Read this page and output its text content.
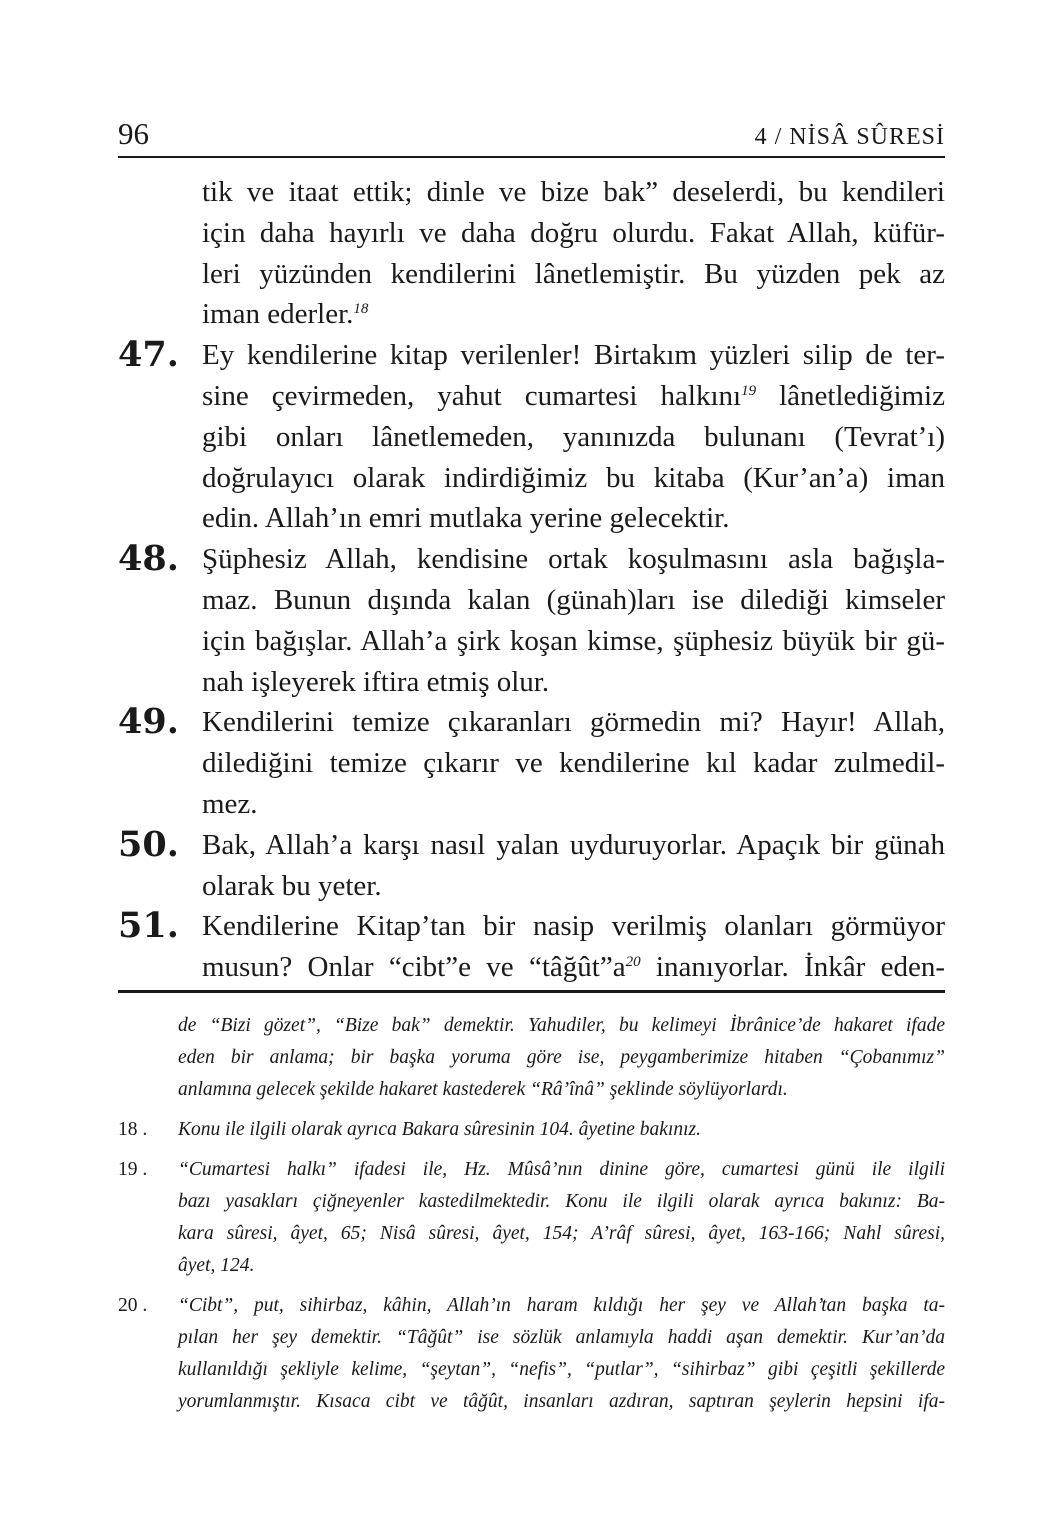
96	4 / NİSÂ SÛRESİ
tik ve itaat ettik; dinle ve bize bak” deselerdi, bu kendileri
için daha hayırlı ve daha doğru olurdu. Fakat Allah, küfür-
leri yüzünden kendilerini lânetlemiştir. Bu yüzden pek az
iman ederler.$^{18}$
47. Ey kendilerine kitap verilenler! Birtakım yüzleri silip de ter-
sine çevirmeden, yahut cumartesi halkını$^{19}$ lânetlediğimiz
gibi onları lânetlemeden, yanınızda bulunanı (Tevrat’ı)
doğrulayıcı olarak indirdiğimiz bu kitaba (Kur’an’a) iman
edin. Allah’ın emri mutlaka yerine gelecektir.
48. Şüphesiz Allah, kendisine ortak koşulmasını asla bağışla-
maz. Bunun dışında kalan (günah)ları ise dilediği kimseler
için bağışlar. Allah’a şirk koşan kimse, şüphesiz büyük bir gü-
nah işleyerek iftira etmiş olur.
49. Kendilerini temize çıkaranları görmedin mi? Hayır! Allah,
dilediğini temize çıkarır ve kendilerine kıl kadar zulmedil-
mez.
50. Bak, Allah’a karşı nasıl yalan uyduruyorlar. Apaçık bir günah
olarak bu yeter.
51. Kendilerine Kitap’tan bir nasip verilmiş olanları görmüyor
musun? Onlar “cibt”e ve “$tâğût”a^{20}$ inanıyorlar. İnkâr eden-
de “Bizi gözet”, “Bize bak” demektir. Yahudiler, bu kelimeyi İbrânice’de hakaret ifade
eden bir anlama; bir başka yoruma göre ise, peygamberimize hitaben “Çobanımız”
anlamına gelecek şekilde hakaret kastederek “Râ’înâ” şeklinde söylüyorlardı.
18 . Konu ile ilgili olarak ayrıca Bakara sûresinin 104. âyetine bakınız.
19 . “Cumartesi halkı” ifadesi ile, Hz. Mûsâ’nın dinine göre, cumartesi günü ile ilgili
bazı yasakları çiğneyenler kastedilmektedir. Konu ile ilgili olarak ayrıca bakınız: Ba-
kara sûresi, âyet, 65; Nisâ sûresi, âyet, 154; A’râf sûresi, âyet, 163-166; Nahl sûresi,
âyet, 124.
20 . “Cibt”, put, sihirbaz, kâhin, Allah’ın haram kıldığı her şey ve Allah’tan başka ta-
pılan her şey demektir. “Tâğût” ise sözlük anlamıyla haddi aşan demektir. Kur’an’da
kullanıldığı şekliyle kelime, “şeytan”, “nefis”, “putlar”, “sihirbaz” gibi çeşitli şekillerde
yorumlanmıştır. Kısaca cibt ve tâğût, insanları azdıran, saptıran şeylerin hepsini ifa-
